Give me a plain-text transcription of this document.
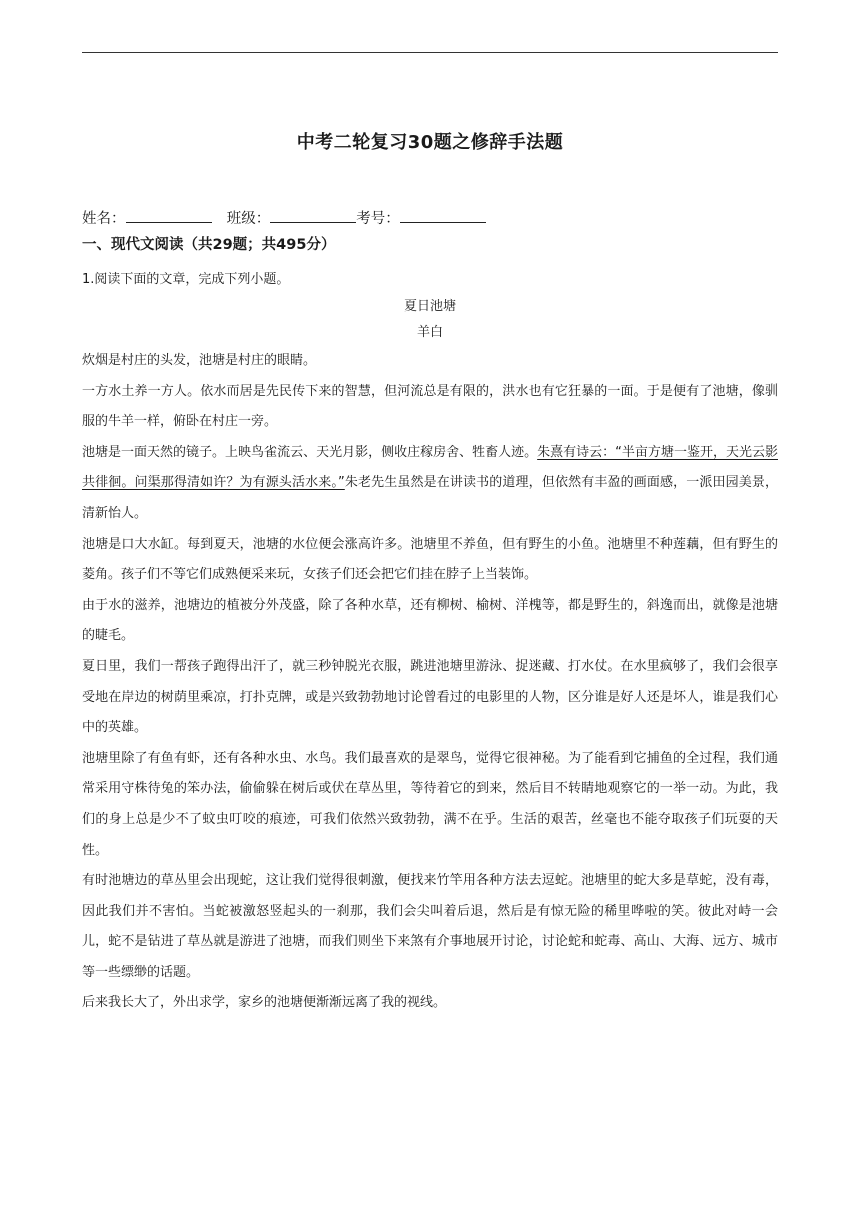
中考二轮复习30题之修辞手法题
姓名：	班级：	考号：
一、现代文阅读（共29题；共495分）
1.阅读下面的文章，完成下列小题。
夏日池塘
羊白

炊烟是村庄的头发，池塘是村庄的眼睛。

一方水土养一方人。依水而居是先民传下来的智慧，但河流总是有限的，洪水也有它狂暴的一面。于是便有了池塘，像驯服的牛羊一样，俯卧在村庄一旁。

池塘是一面天然的镜子。上映鸟雀流云、天光月影，侧收庄稼房舍、牲畜人迹。朱熹有诗云：“半亩方塘一鉴开，天光云影共徘徊。问渠那得清如许？为有源头活水来。”朱老先生虽然是在讲读书的道理，但依然有丰盈的画面感，一派田园美景，清新怡人。

池塘是口大水缸。每到夏天，池塘的水位便会涨高许多。池塘里不养鱼，但有野生的小鱼。池塘里不种莲藕，但有野生的菱角。孩子们不等它们成熟便采来玩，女孩子们还会把它们挂在脖子上当装饰。

由于水的滋养，池塘边的植被分外茂盛，除了各种水草，还有柳树、榆树、洋槐等，都是野生的，斜逸而出，就像是池塘的睫毛。

夏日里，我们一帮孩子跑得出汗了，就三秒钟脱光衣服，跳进池塘里游泳、捉迷藏、打水仗。在水里疯够了，我们会很享受地在岸边的树荫里乘凉，打扑克牌，或是兴致勃勃地讨论曾看过的电影里的人物，区分谁是好人还是坏人，谁是我们心中的英雄。

池塘里除了有鱼有虾，还有各种水虫、水鸟。我们最喜欢的是翠鸟，觉得它很神秘。为了能看到它捕鱼的全过程，我们通常采用守株待兔的笨办法，偷偷躲在树后或伏在草丛里，等待着它的到来，然后目不转睛地观察它的一举一动。为此，我们的身上总是少不了蚊虫叮咬的痕迹，可我们依然兴致勃勃，满不在乎。生活的艰苦，丝毫也不能夺取孩子们玩耍的天性。

有时池塘边的草丛里会出现蛇，这让我们觉得很刺激，便找来竹竿用各种方法去逗蛇。池塘里的蛇大多是草蛇，没有毒，因此我们并不害怕。当蛇被激怒竖起头的一刹那，我们会尖叫着后退，然后是有惊无险的稀里哗啦的笑。彼此对峙一会儿，蛇不是钻进了草丛就是游进了池塘，而我们则坐下来煞有介事地展开讨论，讨论蛇和蛇毒、高山、大海、远方、城市等一些缥缈的话题。

后来我长大了，外出求学，家乡的池塘便渐渐远离了我的视线。
